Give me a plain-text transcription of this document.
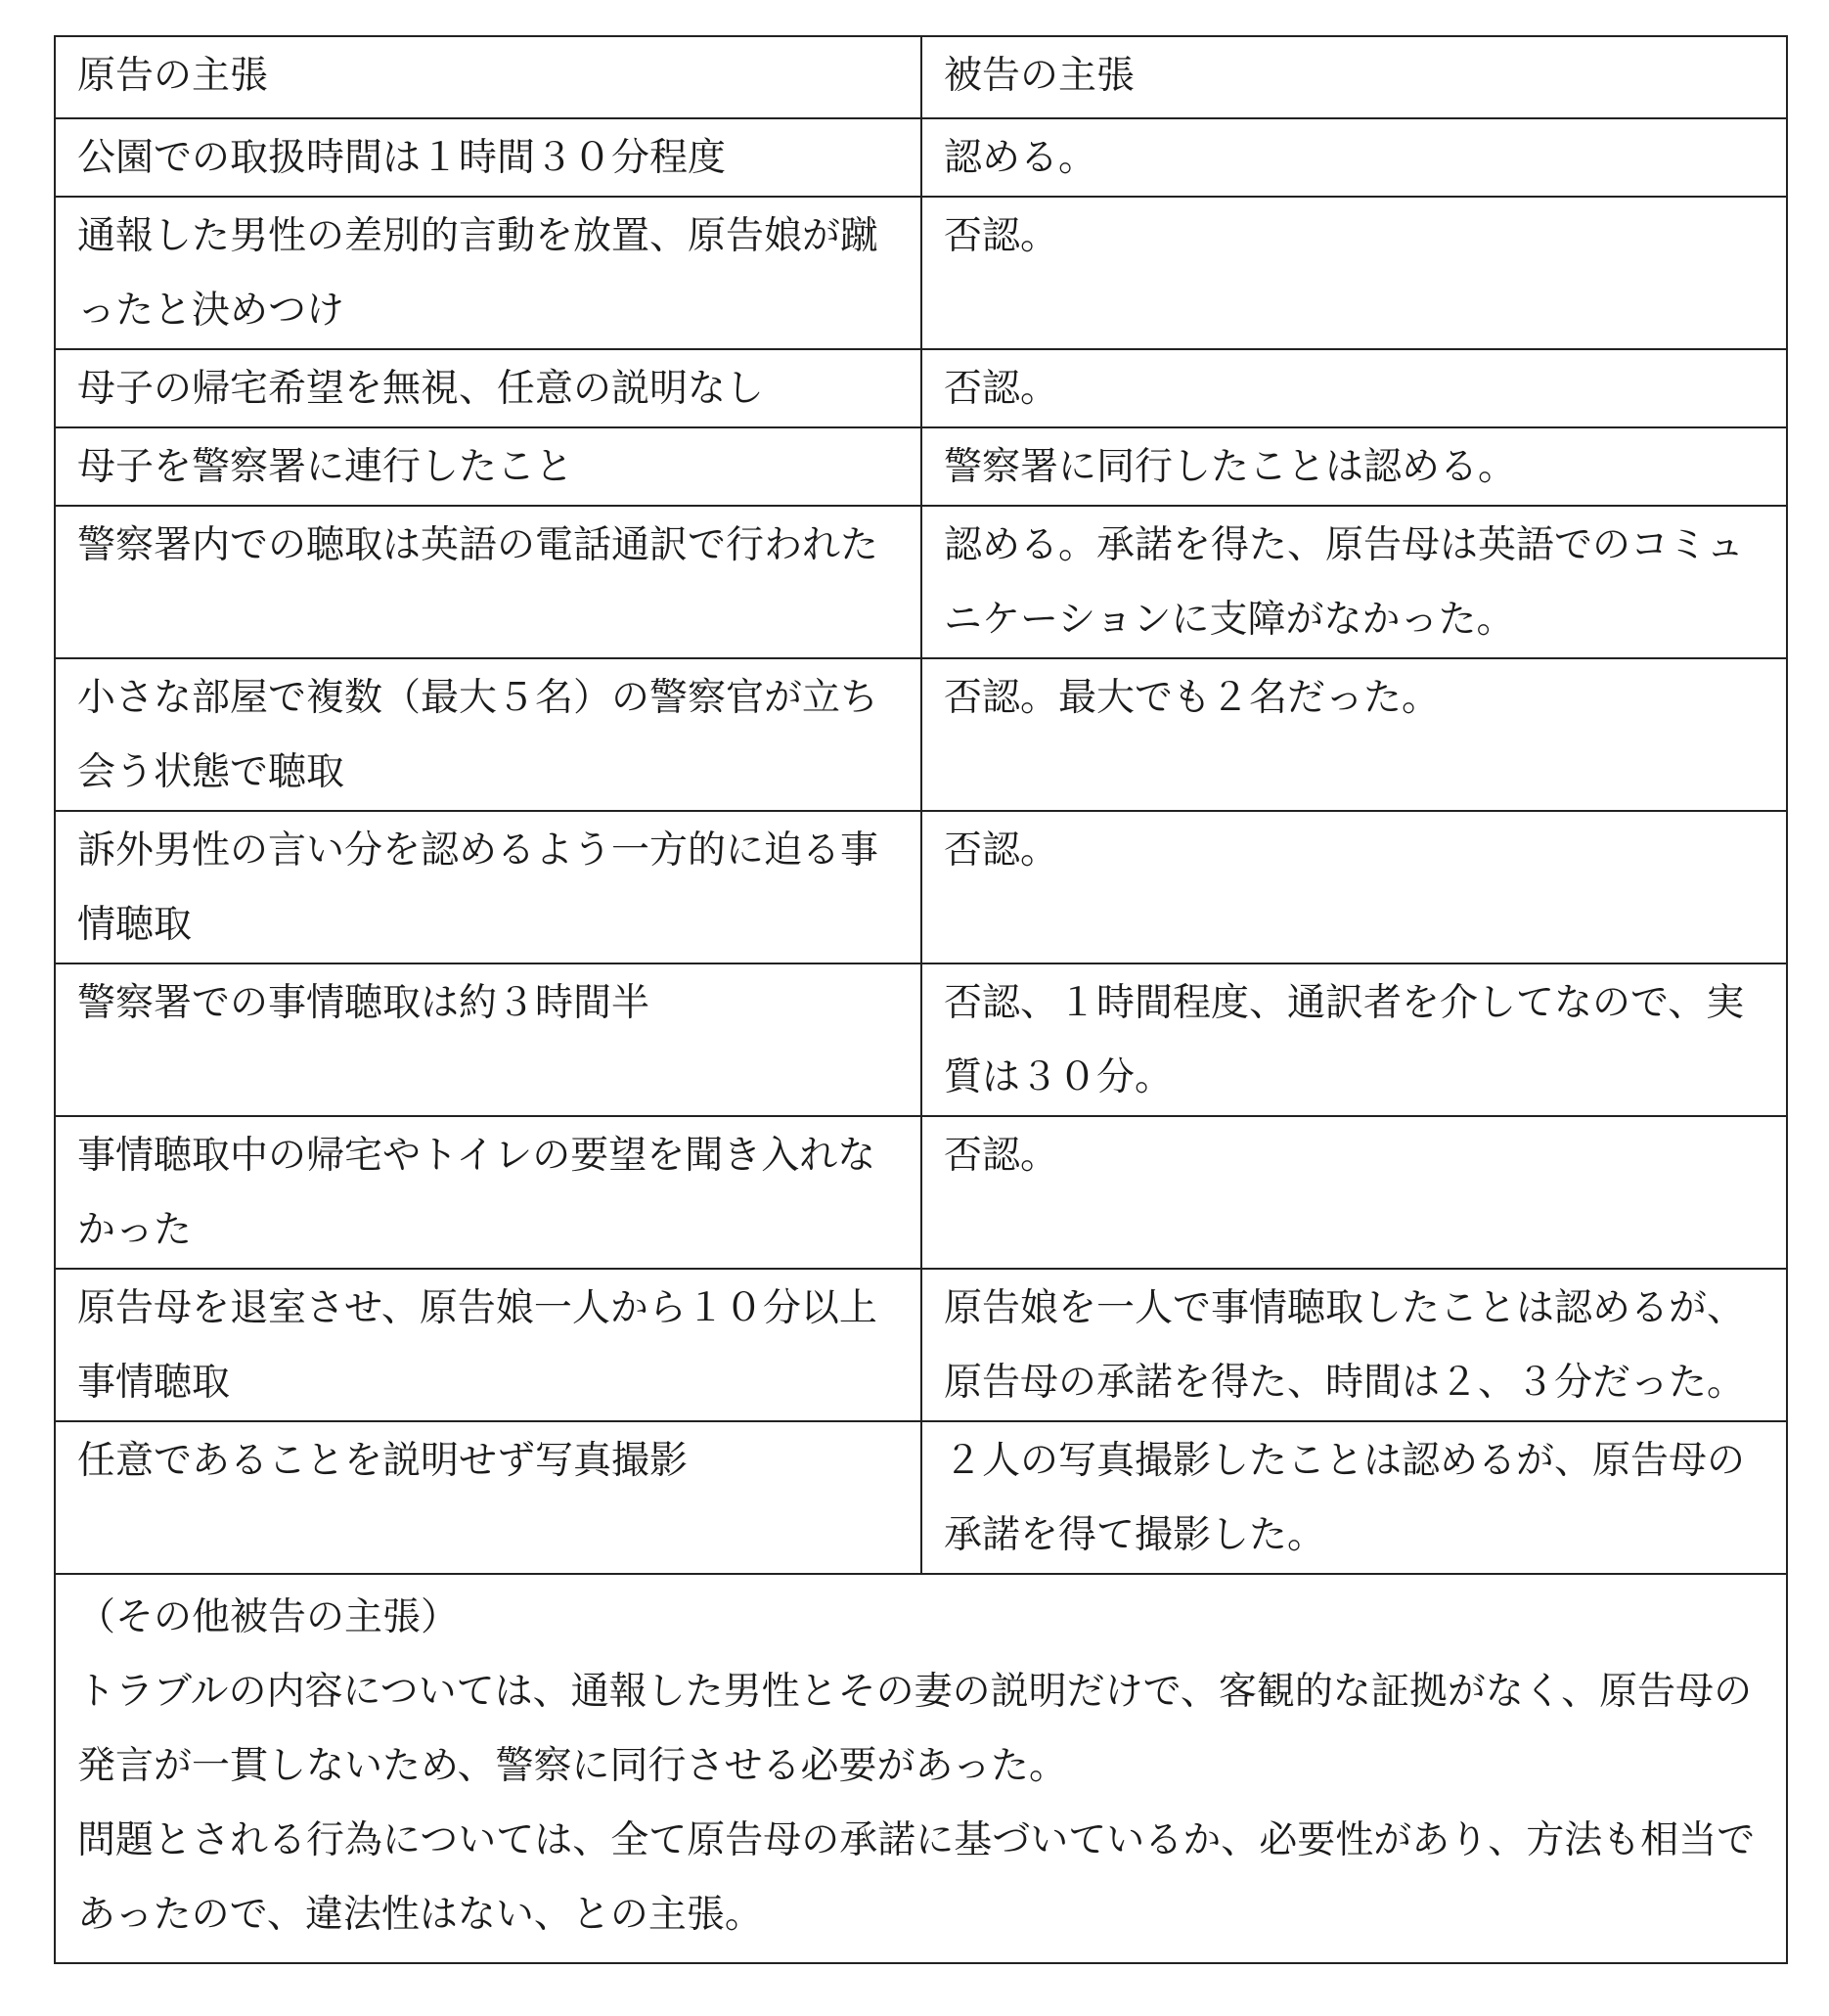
原告の主張	被告の主張

公園での取扱時間は１時間３０分程度	認める。

通報した男性の差別的言動を放置、原告娘が蹴ったと決めつけ	否認。

母子の帰宅希望を無視、任意の説明なし	否認。

母子を警察署に連行したこと	警察署に同行したことは認める。

警察署内での聴取は英語の電話通訳で行われた	認める。承諾を得た、原告母は英語でのコミュニケーションに支障がなかった。

小さな部屋で複数（最大５名）の警察官が立ち会う状態で聴取	否認。最大でも２名だった。

訴外男性の言い分を認めるよう一方的に迫る事情聴取	否認。

警察署での事情聴取は約３時間半	否認、１時間程度、通訳者を介してなので、実質は３０分。

事情聴取中の帰宅やトイレの要望を聞き入れなかった	否認。

原告母を退室させ、原告娘一人から１０分以上事情聴取	原告娘を一人で事情聴取したことは認めるが、原告母の承諾を得た、時間は２、３分だった。

任意であることを説明せず写真撮影	２人の写真撮影したことは認めるが、原告母の承諾を得て撮影した。

（その他被告の主張）
トラブルの内容については、通報した男性とその妻の説明だけで、客観的な証拠がなく、原告母の発言が一貫しないため、警察に同行させる必要があった。
問題とされる行為については、全て原告母の承諾に基づいているか、必要性があり、方法も相当であったので、違法性はない、との主張。	
